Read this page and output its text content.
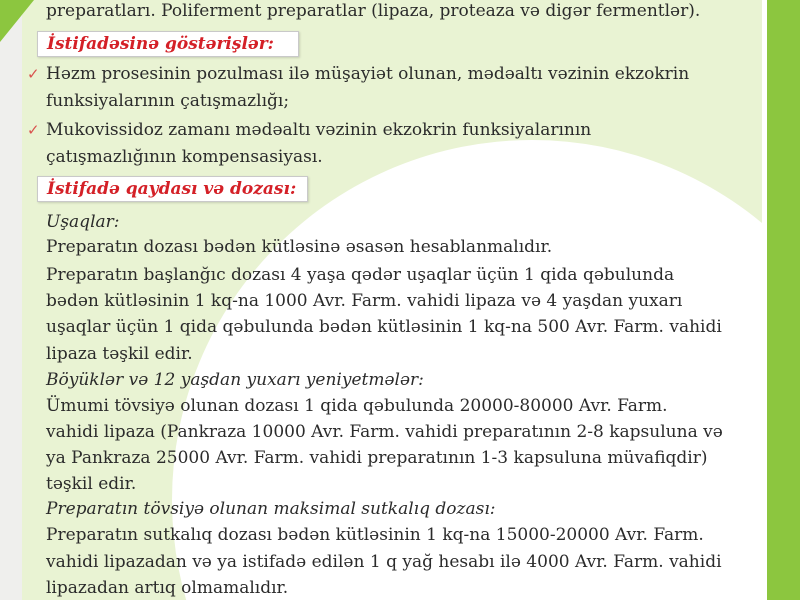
preparatları. Poliferment preparatlar (lipaza, proteaza və digər fermentlər).
İstifadəsinə göstərişlər:
✓ Həzm prosesinin pozulması ilə müşayiət olunan, mədəaltı vəzinin ekzokrin
funksiyalarının çatışmazlığı;
✓ Mukovissidoz zamanı mədəaltı vəzinin ekzokrin funksiyalarının
çatışmazlığının kompensasiyası.
İstifadə qaydası və dozası:
Uşaqlar:
Preparatın dozası bədən kütləsinə əsasən hesablanmalıdır.
Preparatın başlanğıc dozası 4 yaşa qədər uşaqlar üçün 1 qida qəbulunda
bədən kütləsinin 1 kq-na 1000 Avr. Farm. vahidi lipaza və 4 yaşdan yuxarı
uşaqlar üçün 1 qida qəbulunda bədən kütləsinin 1 kq-na 500 Avr. Farm. vahidi
lipaza təşkil edir.
Böyüklər və 12 yaşdan yuxarı yeniyetmələr:
Ümumi tövsiyə olunan dozası 1 qida qəbulunda 20000-80000 Avr. Farm.
vahidi lipaza (Pankraza 10000 Avr. Farm. vahidi preparatının 2-8 kapsuluna və
ya Pankraza 25000 Avr. Farm. vahidi preparatının 1-3 kapsuluna müvafiqdir)
təşkil edir.
Preparatın tövsiyə olunan maksimal sutkalıq dozası:
Preparatın sutkalıq dozası bədən kütləsinin 1 kq-na 15000-20000 Avr. Farm.
vahidi lipazadan və ya istifadə edilən 1 q yağ hesabı ilə 4000 Avr. Farm. vahidi
lipazadan artıq olmamalıdır.
